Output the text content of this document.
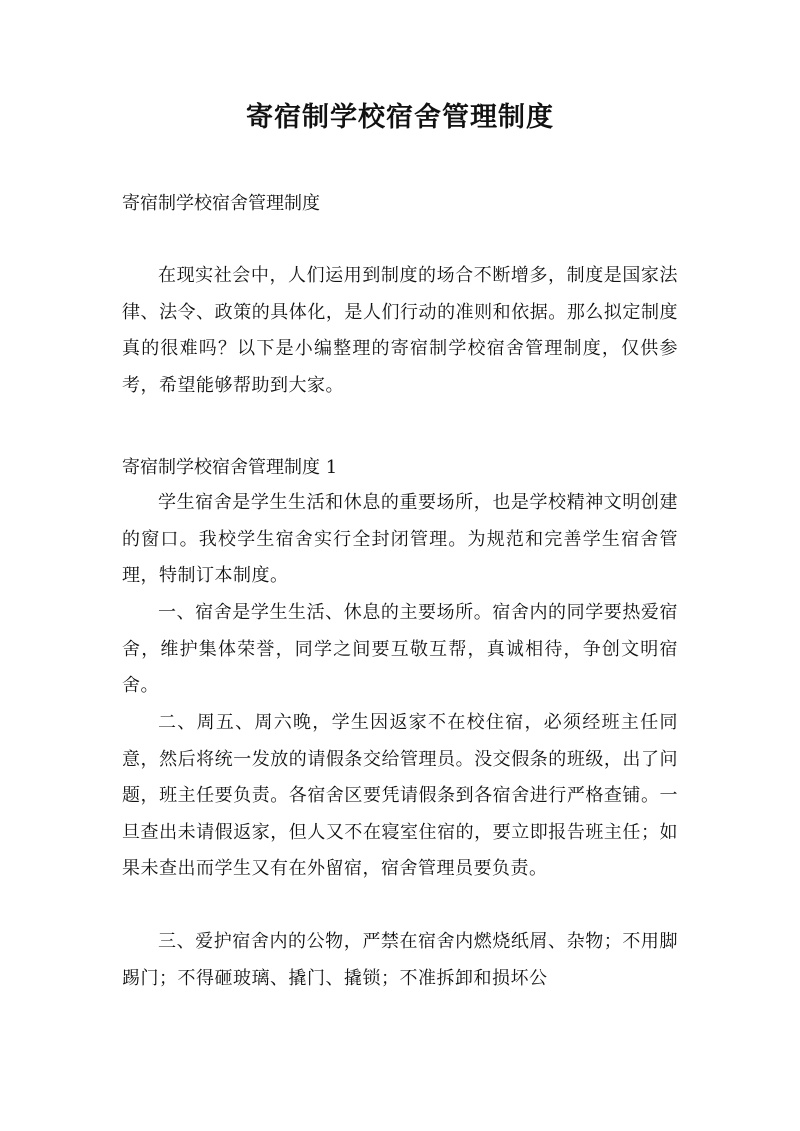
寄宿制学校宿舍管理制度

寄宿制学校宿舍管理制度

在现实社会中，人们运用到制度的场合不断增多，制度是国家法律、法令、政策的具体化，是人们行动的准则和依据。那么拟定制度真的很难吗？以下是小编整理的寄宿制学校宿舍管理制度，仅供参考，希望能够帮助到大家。

寄宿制学校宿舍管理制度 1

学生宿舍是学生生活和休息的重要场所，也是学校精神文明创建的窗口。我校学生宿舍实行全封闭管理。为规范和完善学生宿舍管理，特制订本制度。

一、宿舍是学生生活、休息的主要场所。宿舍内的同学要热爱宿舍，维护集体荣誉，同学之间要互敬互帮，真诚相待，争创文明宿舍。

二、周五、周六晚，学生因返家不在校住宿，必须经班主任同意，然后将统一发放的请假条交给管理员。没交假条的班级，出了问题，班主任要负责。各宿舍区要凭请假条到各宿舍进行严格查铺。一旦查出未请假返家，但人又不在寝室住宿的，要立即报告班主任；如果未查出而学生又有在外留宿，宿舍管理员要负责。

三、爱护宿舍内的公物，严禁在宿舍内燃烧纸屑、杂物；不用脚踢门；不得砸玻璃、撬门、撬锁；不准拆卸和损坏公
